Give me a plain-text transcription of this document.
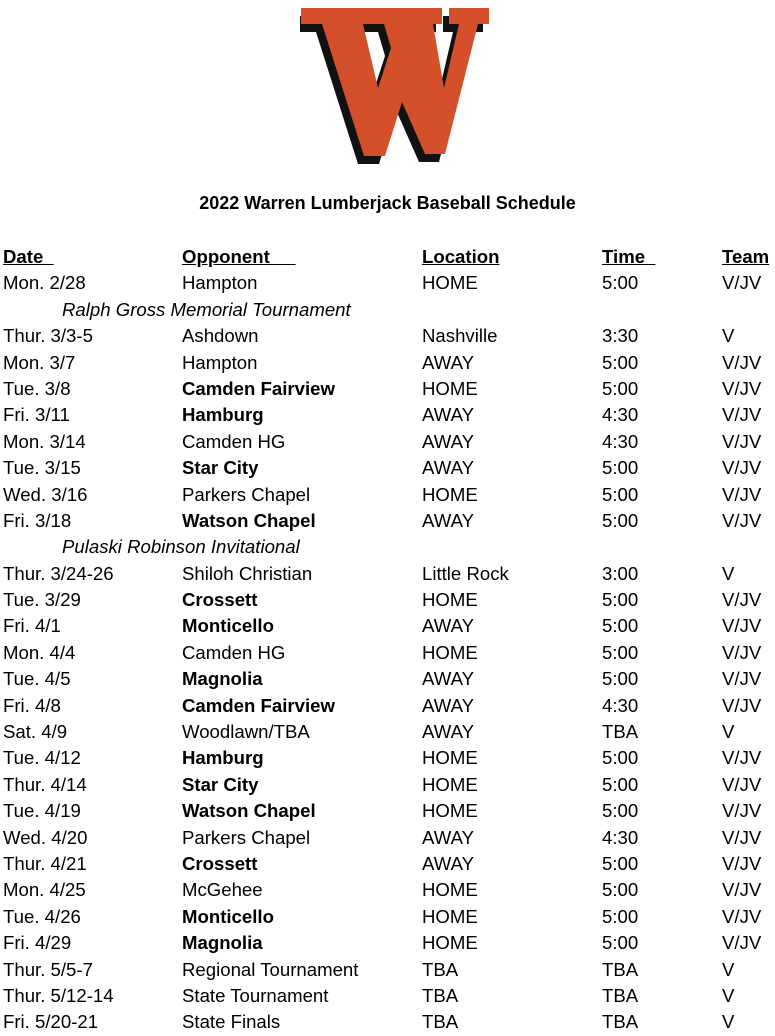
2022 Warren Lumberjack Baseball Schedule
Date	Opponent	Location	Time	Team
Mon. 2/28	Hampton	HOME	5:00	V/JV
Ralph Gross Memorial Tournament
Thur. 3/3-5	Ashdown	Nashville	3:30	V
Mon. 3/7	Hampton	AWAY	5:00	V/JV
Tue. 3/8	Camden Fairview	HOME	5:00	V/JV
Fri. 3/11	Hamburg	AWAY	4:30	V/JV
Mon. 3/14	Camden HG	AWAY	4:30	V/JV
Tue. 3/15	Star City	AWAY	5:00	V/JV
Wed. 3/16	Parkers Chapel	HOME	5:00	V/JV
Fri. 3/18	Watson Chapel	AWAY	5:00	V/JV
Pulaski Robinson Invitational
Thur. 3/24-26	Shiloh Christian	Little Rock	3:00	V
Tue. 3/29	Crossett	HOME	5:00	V/JV
Fri. 4/1	Monticello	AWAY	5:00	V/JV
Mon. 4/4	Camden HG	HOME	5:00	V/JV
Tue. 4/5	Magnolia	AWAY	5:00	V/JV
Fri. 4/8	Camden Fairview	AWAY	4:30	V/JV
Sat. 4/9	Woodlawn/TBA	AWAY	TBA	V
Tue. 4/12	Hamburg	HOME	5:00	V/JV
Thur. 4/14	Star City	HOME	5:00	V/JV
Tue. 4/19	Watson Chapel	HOME	5:00	V/JV
Wed. 4/20	Parkers Chapel	AWAY	4:30	V/JV
Thur. 4/21	Crossett	AWAY	5:00	V/JV
Mon. 4/25	McGehee	HOME	5:00	V/JV
Tue. 4/26	Monticello	HOME	5:00	V/JV
Fri. 4/29	Magnolia	HOME	5:00	V/JV
Thur. 5/5-7	Regional Tournament	TBA	TBA	V
Thur. 5/12-14	State Tournament	TBA	TBA	V
Fri. 5/20-21	State Finals	TBA	TBA	V
